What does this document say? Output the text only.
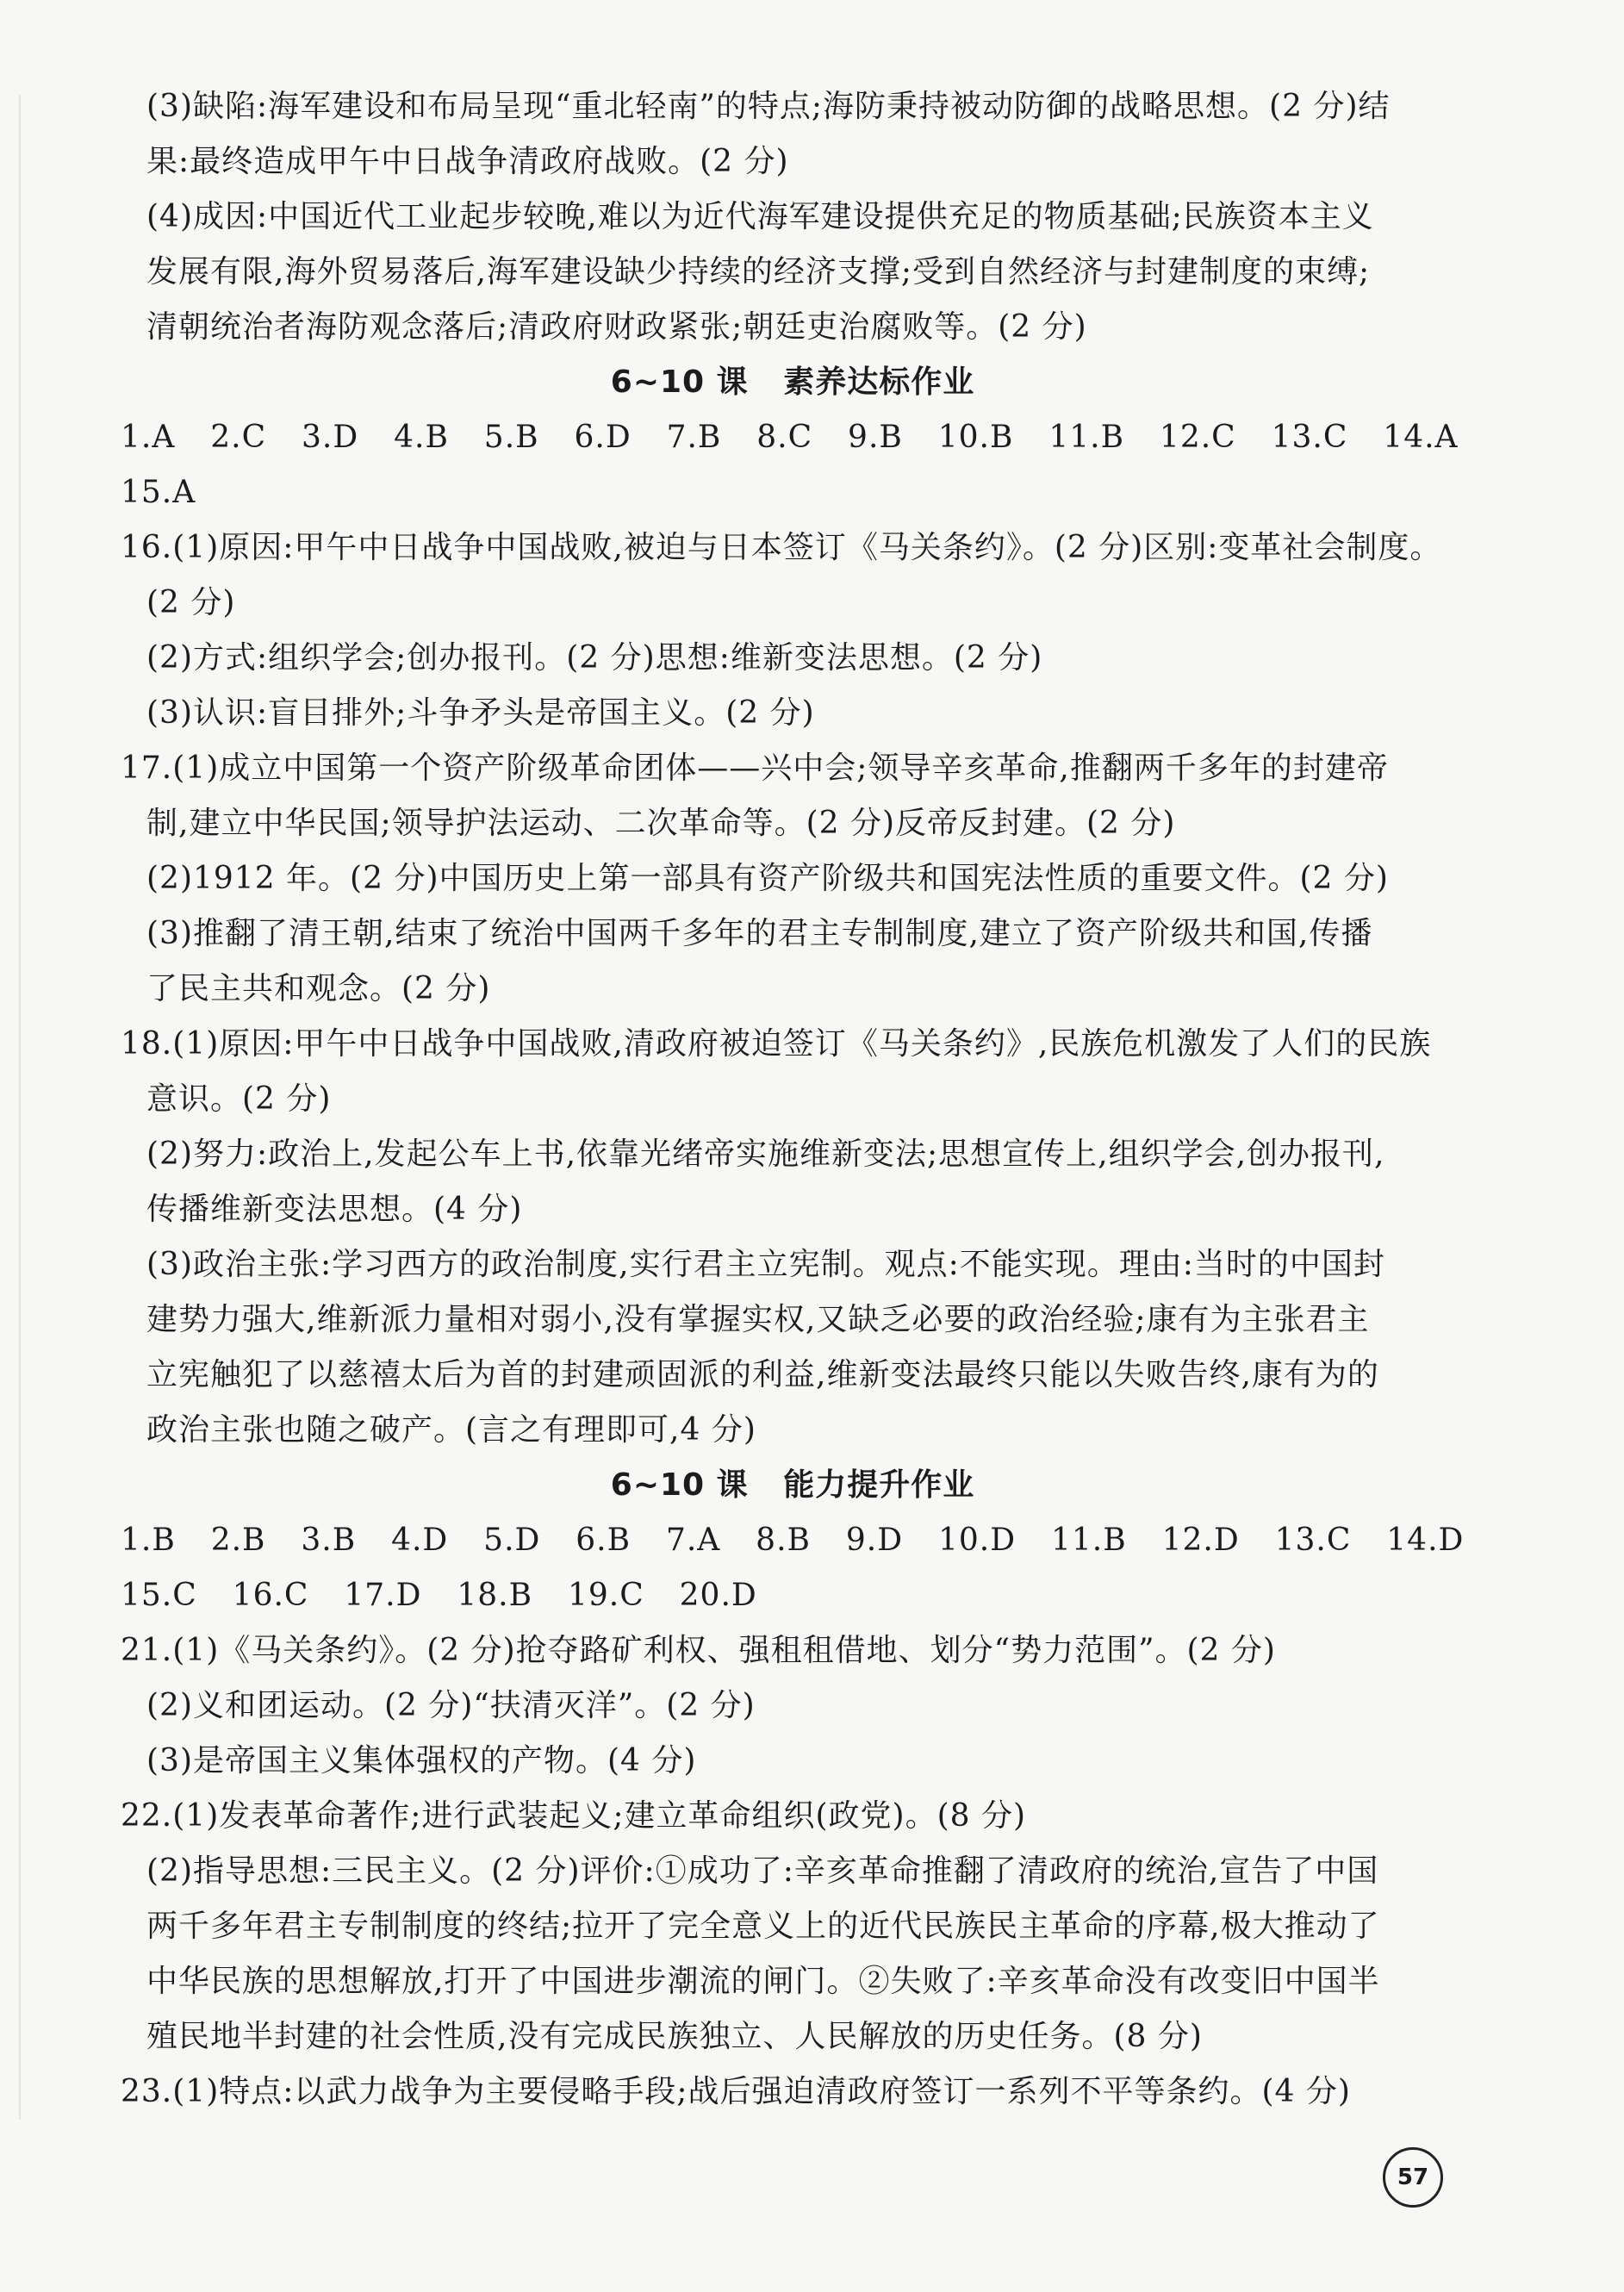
(3)缺陷:海军建设和布局呈现“重北轻南”的特点;海防秉持被动防御的战略思想。(2 分)结
果:最终造成甲午中日战争清政府战败。(2 分)
(4)成因:中国近代工业起步较晚,难以为近代海军建设提供充足的物质基础;民族资本主义
发展有限,海外贸易落后,海军建设缺少持续的经济支撑;受到自然经济与封建制度的束缚;
清朝统治者海防观念落后;清政府财政紧张;朝廷吏治腐败等。(2 分)
6~10 课   素养达标作业
1.A  2.C  3.D  4.B  5.B  6.D  7.B  8.C  9.B  10.B  11.B  12.C  13.C  14.A
15.A
16.(1)原因:甲午中日战争中国战败,被迫与日本签订《马关条约》。(2 分)区别:变革社会制度。
(2 分)
(2)方式:组织学会;创办报刊。(2 分)思想:维新变法思想。(2 分)
(3)认识:盲目排外;斗争矛头是帝国主义。(2 分)
17.(1)成立中国第一个资产阶级革命团体——兴中会;领导辛亥革命,推翻两千多年的封建帝
制,建立中华民国;领导护法运动、二次革命等。(2 分)反帝反封建。(2 分)
(2)1912 年。(2 分)中国历史上第一部具有资产阶级共和国宪法性质的重要文件。(2 分)
(3)推翻了清王朝,结束了统治中国两千多年的君主专制制度,建立了资产阶级共和国,传播
了民主共和观念。(2 分)
18.(1)原因:甲午中日战争中国战败,清政府被迫签订《马关条约》,民族危机激发了人们的民族
意识。(2 分)
(2)努力:政治上,发起公车上书,依靠光绪帝实施维新变法;思想宣传上,组织学会,创办报刊,
传播维新变法思想。(4 分)
(3)政治主张:学习西方的政治制度,实行君主立宪制。观点:不能实现。理由:当时的中国封
建势力强大,维新派力量相对弱小,没有掌握实权,又缺乏必要的政治经验;康有为主张君主
立宪触犯了以慈禧太后为首的封建顽固派的利益,维新变法最终只能以失败告终,康有为的
政治主张也随之破产。(言之有理即可,4 分)
6~10 课   能力提升作业
1.B  2.B  3.B  4.D  5.D  6.B  7.A  8.B  9.D  10.D  11.B  12.D  13.C  14.D
15.C  16.C  17.D  18.B  19.C  20.D
21.(1)《马关条约》。(2 分)抢夺路矿利权、强租租借地、划分“势力范围”。(2 分)
(2)义和团运动。(2 分)“扶清灭洋”。(2 分)
(3)是帝国主义集体强权的产物。(4 分)
22.(1)发表革命著作;进行武装起义;建立革命组织(政党)。(8 分)
(2)指导思想:三民主义。(2 分)评价:①成功了:辛亥革命推翻了清政府的统治,宣告了中国
两千多年君主专制制度的终结;拉开了完全意义上的近代民族民主革命的序幕,极大推动了
中华民族的思想解放,打开了中国进步潮流的闸门。②失败了:辛亥革命没有改变旧中国半
殖民地半封建的社会性质,没有完成民族独立、人民解放的历史任务。(8 分)
23.(1)特点:以武力战争为主要侵略手段;战后强迫清政府签订一系列不平等条约。(4 分)
57
